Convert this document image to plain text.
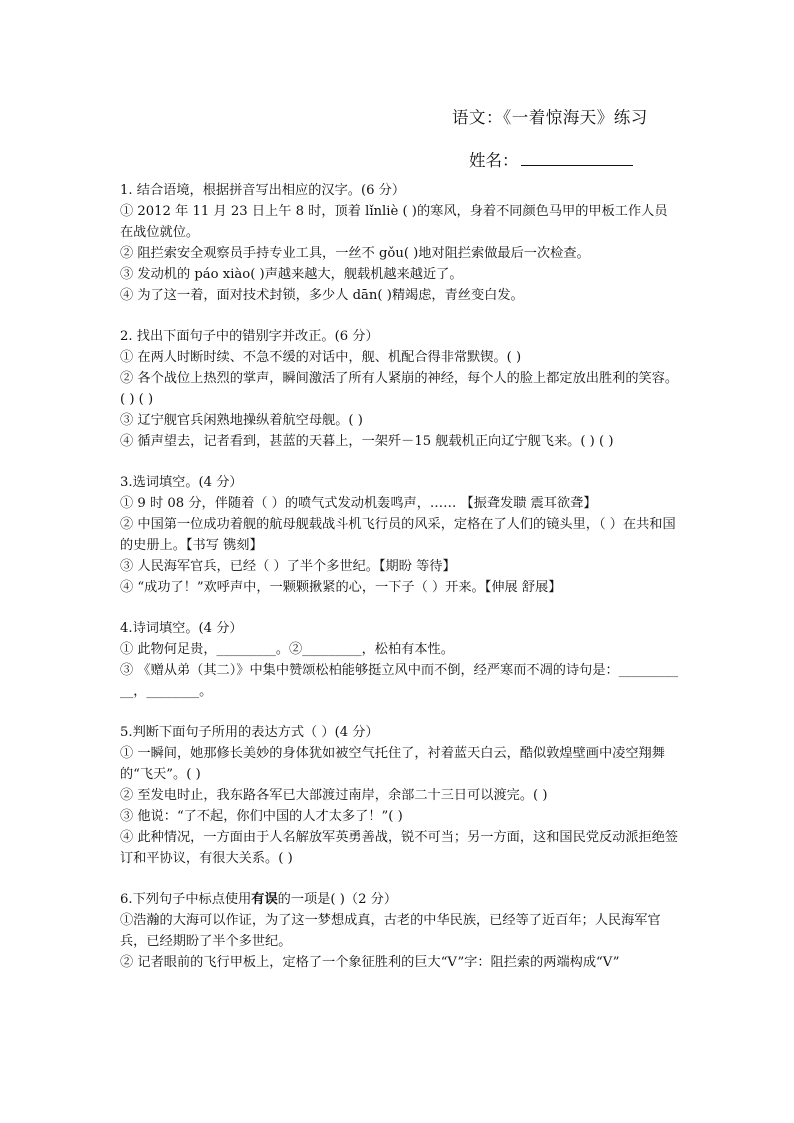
语文：《一着惊海天》练习
姓名：
1. 结合语境，根据拼音写出相应的汉字。(6 分）
① 2012 年 11 月 23 日上午 8 时，顶着 lǐnliè ( )的寒风，身着不同颜色马甲的甲板工作人员在战位就位。
② 阻拦索安全观察员手持专业工具，一丝不 gǒu( )地对阻拦索做最后一次检查。
③ 发动机的 páo xiào( )声越来越大，舰载机越来越近了。
④ 为了这一着，面对技术封锁，多少人 dān( )精竭虑，青丝变白发。
2. 找出下面句子中的错别字并改正。(6 分）
① 在两人时断时续、不急不缓的对话中，舰、机配合得非常默锲。( )
② 各个战位上热烈的掌声，瞬间激活了所有人紧崩的神经，每个人的脸上都定放出胜利的笑容。( ) ( )
③ 辽宁舰官兵闲熟地操纵着航空母舰。( )
④ 循声望去，记者看到，甚蓝的天暮上，一架歼－15 舰载机正向辽宁舰飞来。( ) ( )
3.选词填空。(4 分）
① 9 时 08 分，伴随着（ ）的喷气式发动机轰鸣声，…… 【振聋发聩 震耳欲聋】
② 中国第一位成功着舰的航母舰载战斗机飞行员的风采，定格在了人们的镜头里，（ ）在共和国的史册上。【书写 镌刻】
③ 人民海军官兵，已经（ ）了半个多世纪。【期盼 等待】
④ “成功了！”欢呼声中，一颗颗揪紧的心，一下子（ ）开来。【伸展 舒展】
4.诗词填空。(4 分）
① 此物何足贵，_________。②_________，松柏有本性。
③ 《赠从弟（其二）》中集中赞颂松柏能够挺立风中而不倒，经严寒而不凋的诗句是：___________，________。
5.判断下面句子所用的表达方式（ ）(4 分）
① 一瞬间，她那修长美妙的身体犹如被空气托住了，衬着蓝天白云，酷似敦煌壁画中凌空翔舞的“飞天”。( )
② 至发电时止，我东路各军已大部渡过南岸，余部二十三日可以渡完。( )
③ 他说：“了不起，你们中国的人才太多了！”( )
④ 此种情况，一方面由于人名解放军英勇善战，锐不可当；另一方面，这和国民党反动派拒绝签订和平协议，有很大关系。( )
6.下列句子中标点使用有误的一项是( )（2 分）
①浩瀚的大海可以作证，为了这一梦想成真，古老的中华民族，已经等了近百年；人民海军官兵，已经期盼了半个多世纪。
② 记者眼前的飞行甲板上，定格了一个象征胜利的巨大“V”字：阻拦索的两端构成“V”
